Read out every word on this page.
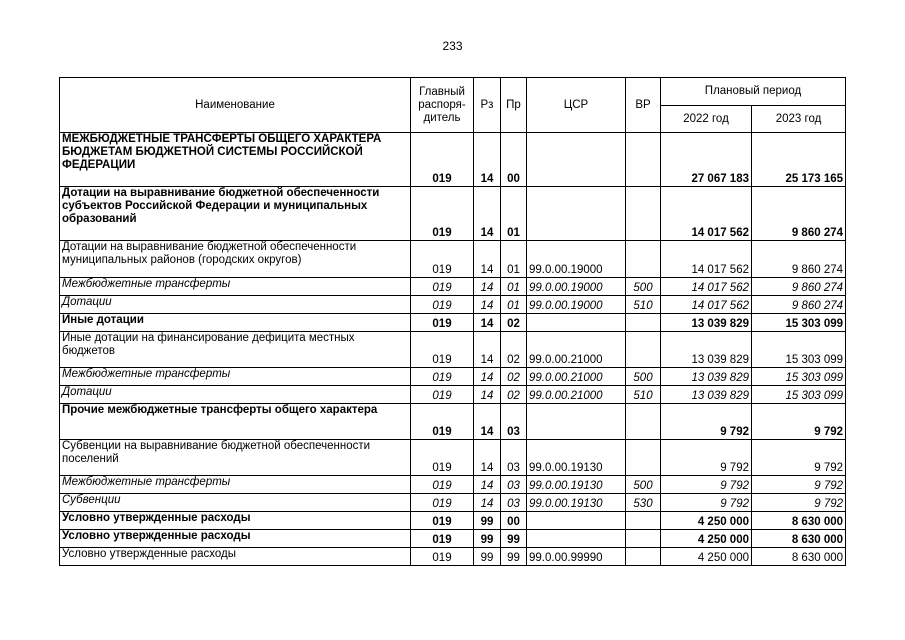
233
Наименование	Главный
распоря-
дитель	Рз	Пр	ЦСР	ВР	Плановый период	
						2022 год	2023 год
МЕЖБЮДЖЕТНЫЕ ТРАНСФЕРТЫ ОБЩЕГО ХАРАКТЕРА БЮДЖЕТАМ БЮДЖЕТНОЙ СИСТЕМЫ РОССИЙСКОЙ ФЕДЕРАЦИИ	019	14	00			27 067 183	25 173 165
Дотации на выравнивание бюджетной обеспеченности субъектов Российской Федерации и муниципальных образований	019	14	01			14 017 562	9 860 274
Дотации на выравнивание бюджетной обеспеченности муниципальных районов (городских округов)	019	14	01	99.0.00.19000		14 017 562	9 860 274
Межбюджетные трансферты	019	14	01	99.0.00.19000	500	14 017 562	9 860 274
Дотации	019	14	01	99.0.00.19000	510	14 017 562	9 860 274
Иные дотации	019	14	02			13 039 829	15 303 099
Иные дотации на финансирование дефицита местных бюджетов	019	14	02	99.0.00.21000		13 039 829	15 303 099
Межбюджетные трансферты	019	14	02	99.0.00.21000	500	13 039 829	15 303 099
Дотации	019	14	02	99.0.00.21000	510	13 039 829	15 303 099
Прочие межбюджетные трансферты общего характера	019	14	03			9 792	9 792
Субвенции на выравнивание бюджетной обеспеченности поселений	019	14	03	99.0.00.19130		9 792	9 792
Межбюджетные трансферты	019	14	03	99.0.00.19130	500	9 792	9 792
Субвенции	019	14	03	99.0.00.19130	530	9 792	9 792
Условно утвержденные расходы	019	99	00			4 250 000	8 630 000
Условно утвержденные расходы	019	99	99			4 250 000	8 630 000
Условно утвержденные расходы	019	99	99	99.0.00.99990		4 250 000	8 630 000
